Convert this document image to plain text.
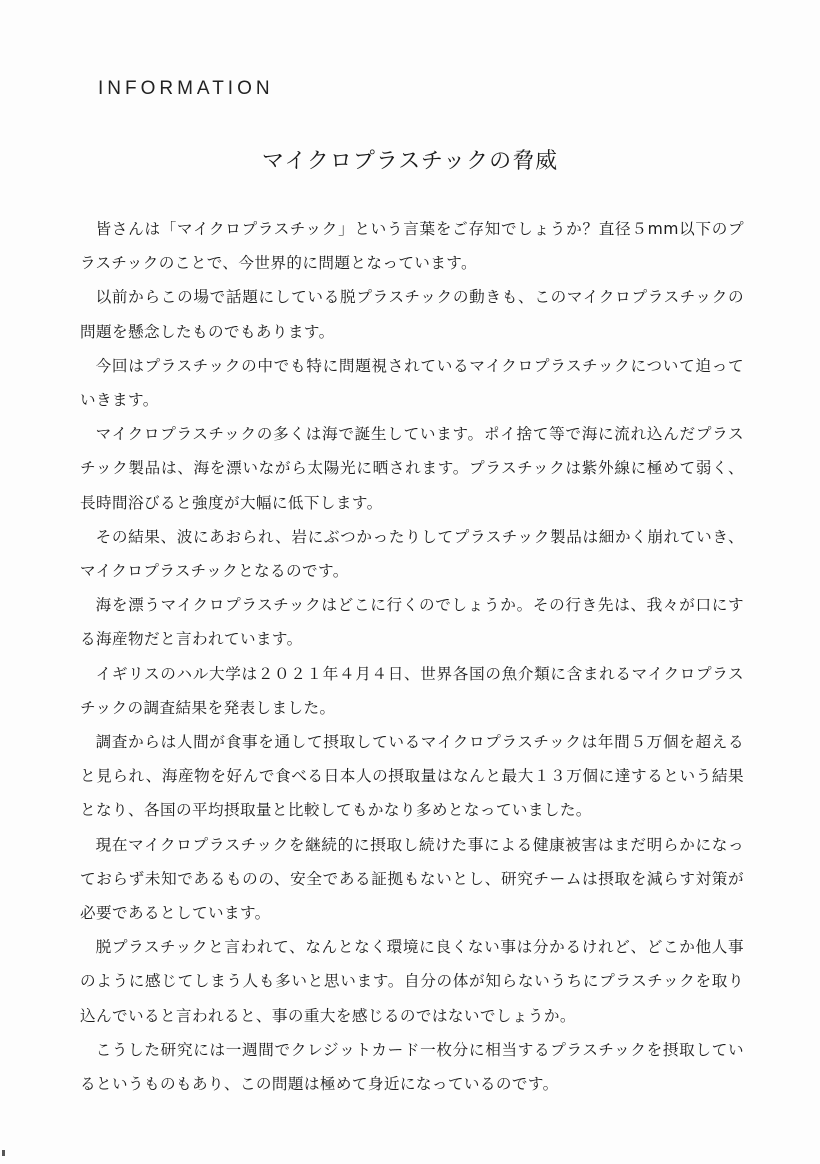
INFORMATION
マイクロプラスチックの脅威

皆さんは「マイクロプラスチック」という言葉をご存知でしょうか？直径５mm以下のプラスチックのことで、今世界的に問題となっています。

以前からこの場で話題にしている脱プラスチックの動きも、このマイクロプラスチックの問題を懸念したものでもあります。

今回はプラスチックの中でも特に問題視されているマイクロプラスチックについて迫っていきます。

マイクロプラスチックの多くは海で誕生しています。ポイ捨て等で海に流れ込んだプラスチック製品は、海を漂いながら太陽光に晒されます。プラスチックは紫外線に極めて弱く、長時間浴びると強度が大幅に低下します。

その結果、波にあおられ、岩にぶつかったりしてプラスチック製品は細かく崩れていき、マイクロプラスチックとなるのです。

海を漂うマイクロプラスチックはどこに行くのでしょうか。その行き先は、我々が口にする海産物だと言われています。

イギリスのハル大学は２０２１年４月４日、世界各国の魚介類に含まれるマイクロプラスチックの調査結果を発表しました。

調査からは人間が食事を通して摂取しているマイクロプラスチックは年間５万個を超えると見られ、海産物を好んで食べる日本人の摂取量はなんと最大１３万個に達するという結果となり、各国の平均摂取量と比較してもかなり多めとなっていました。

現在マイクロプラスチックを継続的に摂取し続けた事による健康被害はまだ明らかになっておらず未知であるものの、安全である証拠もないとし、研究チームは摂取を減らす対策が必要であるとしています。

脱プラスチックと言われて、なんとなく環境に良くない事は分かるけれど、どこか他人事のように感じてしまう人も多いと思います。自分の体が知らないうちにプラスチックを取り込んでいると言われると、事の重大を感じるのではないでしょうか。

こうした研究には一週間でクレジットカード一枚分に相当するプラスチックを摂取しているというものもあり、この問題は極めて身近になっているのです。
